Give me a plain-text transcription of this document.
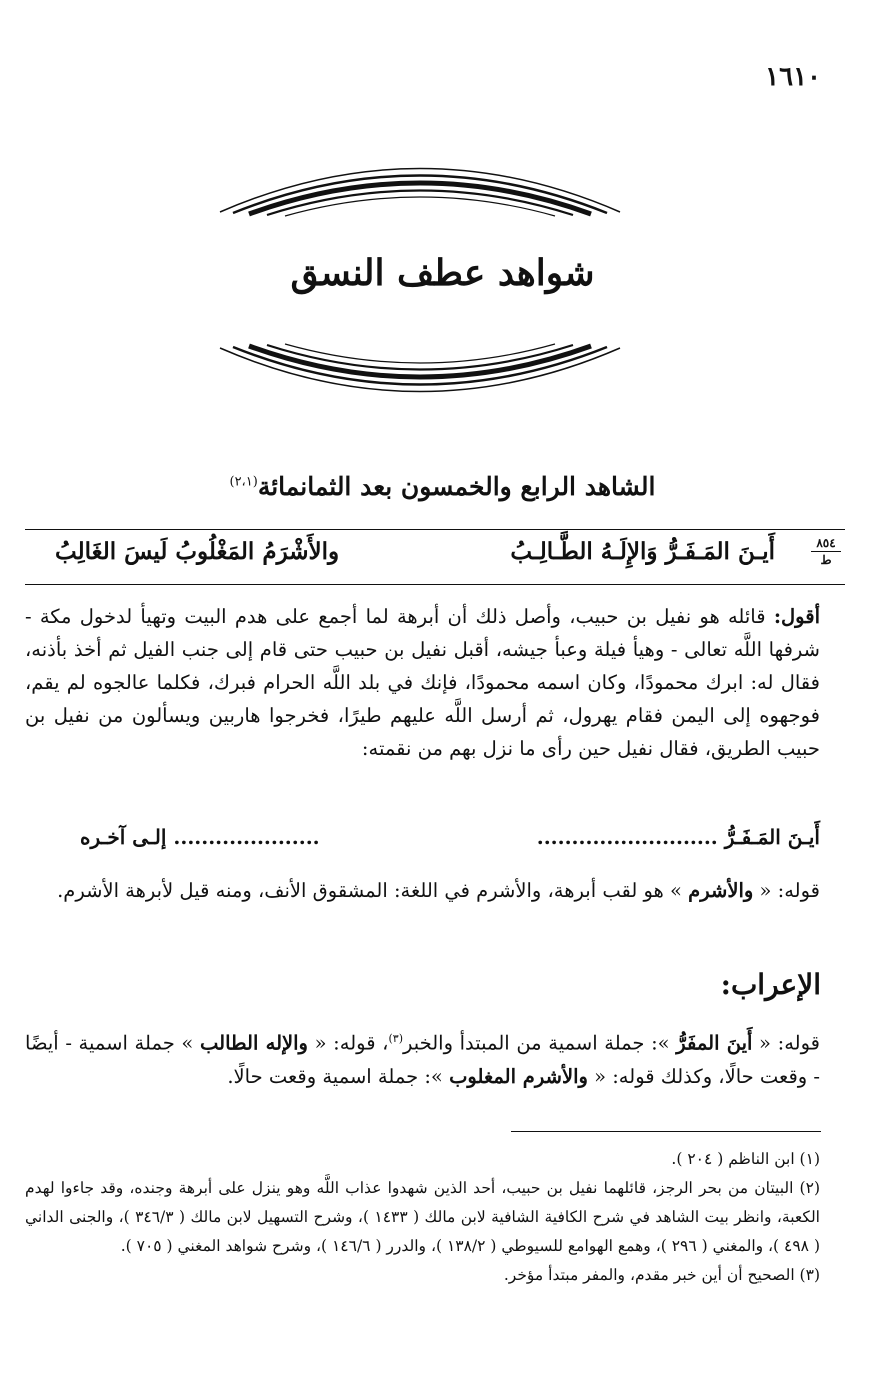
١٦١٠
شواهد عطف النسق
الشاهد الرابع والخمسون بعد الثمانمائة$^{(٢،١)}$
٨٥٤
ط
أَيـنَ المَـفَـرُّ وَالإِلَـهُ الطَّـالِـبُ
والأَشْرَمُ المَغْلُوبُ لَيسَ الغَالِبُ
أقول: قائله هو نفيل بن حبيب، وأصل ذلك أن أبرهة لما أجمع على هدم البيت وتهيأ لدخول مكة - شرفها اللَّه تعالى - وهيأ فيلة وعبأ جيشه، أقبل نفيل بن حبيب حتى قام إلى جنب الفيل ثم أخذ بأذنه، فقال له: ابرك محمودًا، وكان اسمه محمودًا، فإنك في بلد اللَّه الحرام فبرك، فكلما عالجوه لم يقم، فوجهوه إلى اليمن فقام يهرول، ثم أرسل اللَّه عليهم طيرًا، فخرجوا هاربين ويسألون من نفيل بن حبيب الطريق، فقال نفيل حين رأى ما نزل بهم من نقمته:
أَيـنَ المَـفَـرُّ ..........................
..................... إلـى آخـره
قوله: « والأشرم » هو لقب أبرهة، والأشرم في اللغة: المشقوق الأنف، ومنه قيل لأبرهة الأشرم.
الإعراب:
قوله: « أَينَ المفَرُّ »: جملة اسمية من المبتدأ والخبر$^{(٣)}$، قوله: « والإله الطالب » جملة اسمية - أيضًا - وقعت حالًا، وكذلك قوله: « والأشرم المغلوب »: جملة اسمية وقعت حالًا.

(١) ابن الناظم ( ٢٠٤ ).

(٢) البيتان من بحر الرجز، قائلهما نفيل بن حبيب، أحد الذين شهدوا عذاب اللَّه وهو ينزل على أبرهة وجنده، وقد جاءوا لهدم الكعبة، وانظر بيت الشاهد في شرح الكافية الشافية لابن مالك ( ١٤٣٣ )، وشرح التسهيل لابن مالك ( ٣٤٦/٣ )، والجنى الداني ( ٤٩٨ )، والمغني ( ٢٩٦ )، وهمع الهوامع للسيوطي ( ١٣٨/٢ )، والدرر ( ١٤٦/٦ )، وشرح شواهد المغني ( ٧٠٥ ).

(٣) الصحيح أن أين خبر مقدم، والمفر مبتدأ مؤخر.
